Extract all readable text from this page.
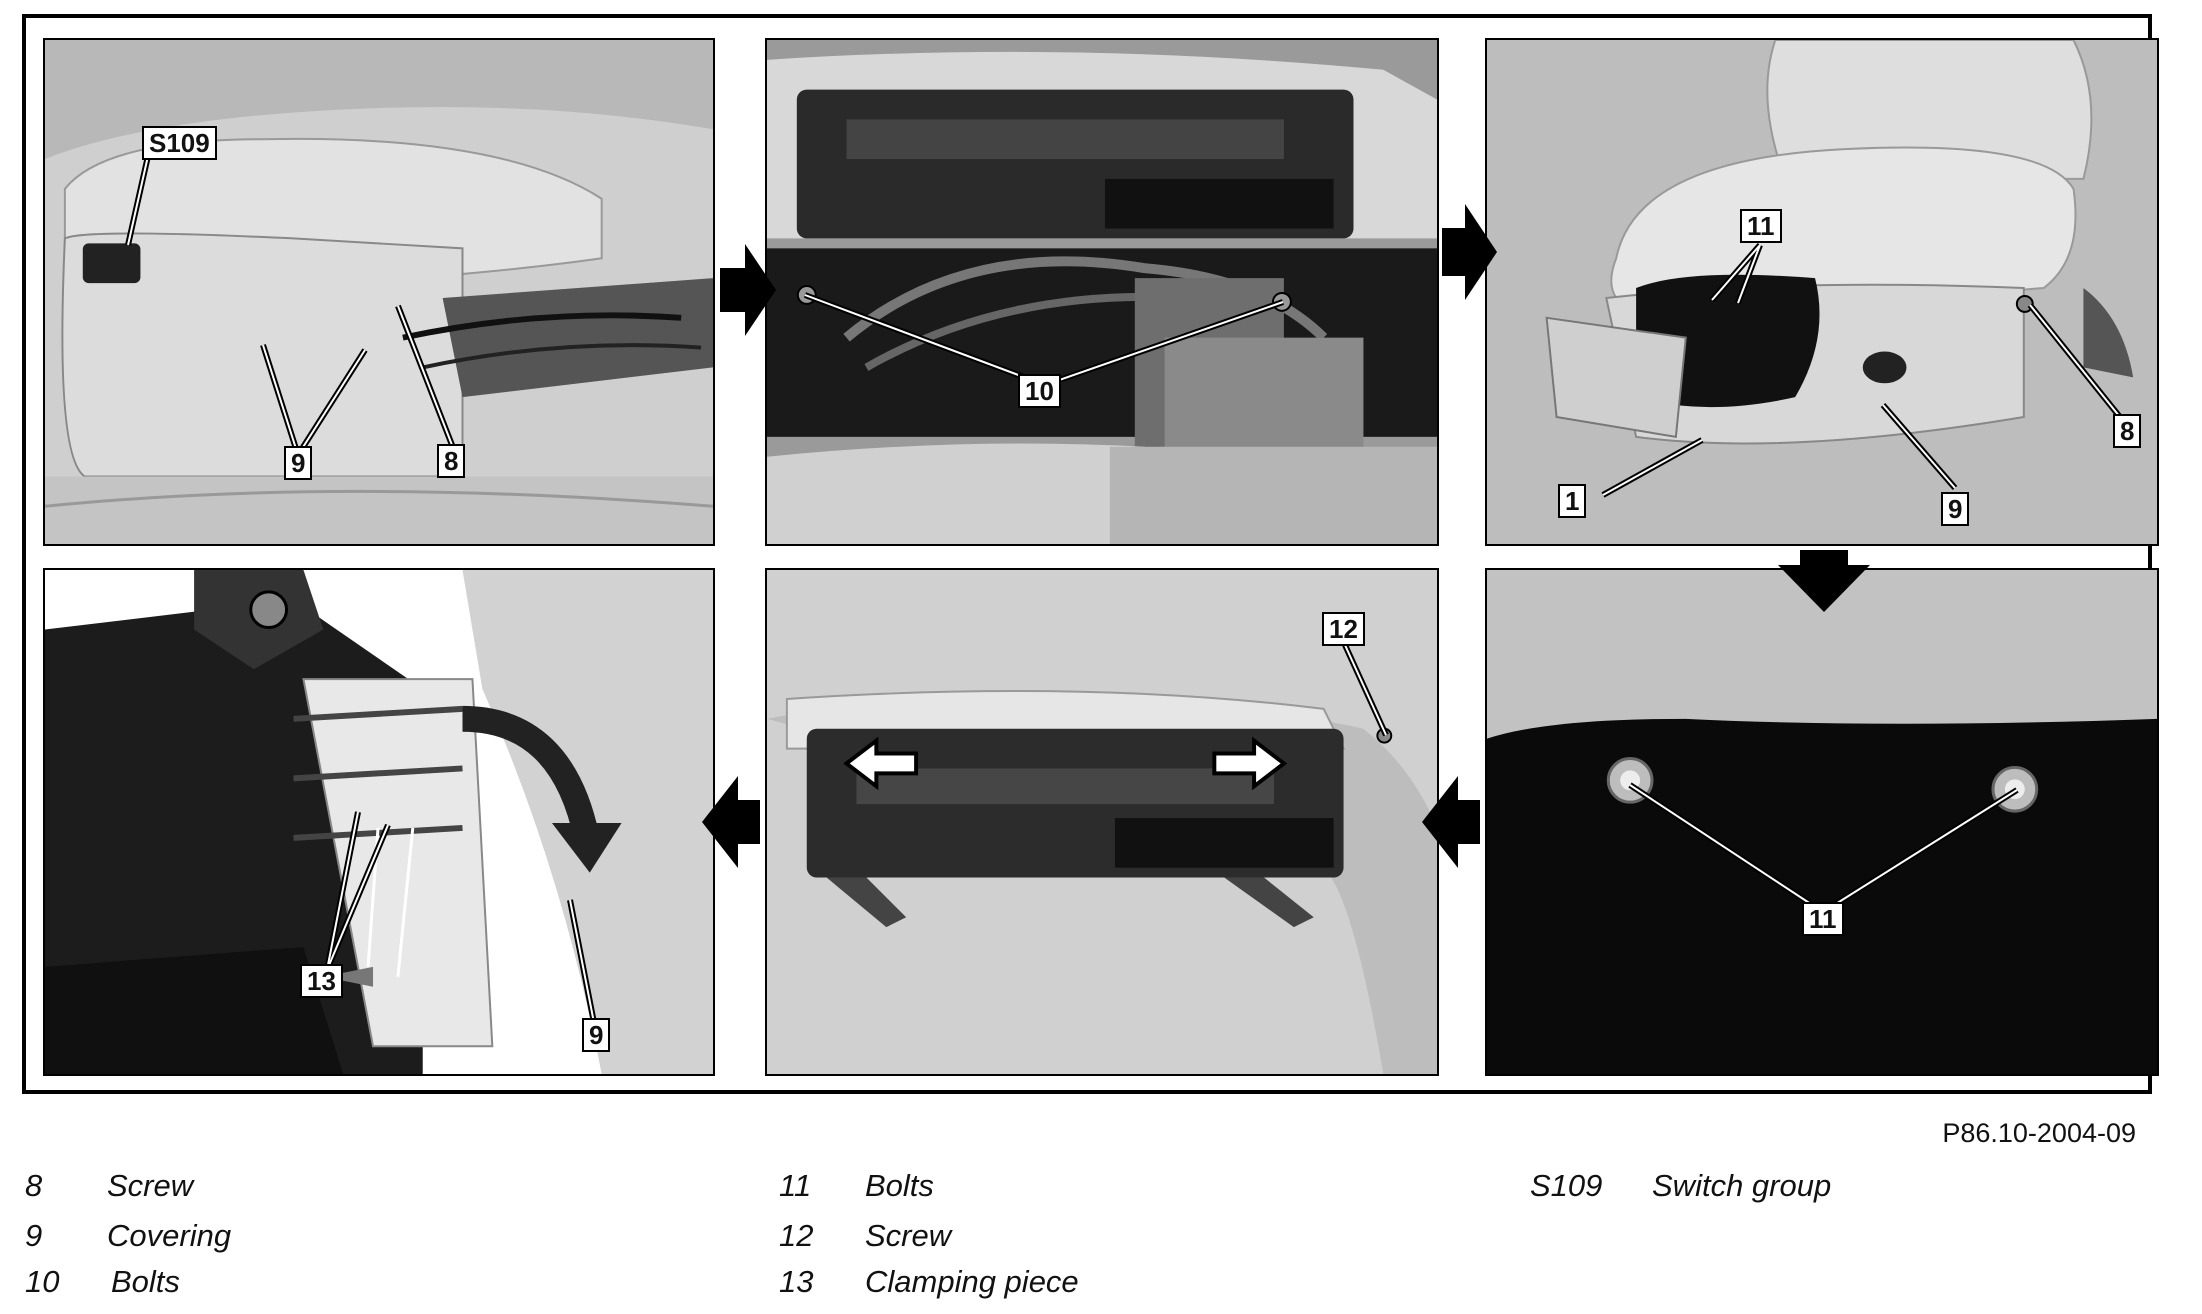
S109
9	8
10
11
8
1	9
11
12
13
9
P86.10-2004-09
8 Screw
9 Covering
10 Bolts
11 Bolts
12 Screw
13 Clamping piece
S109 Switch group
